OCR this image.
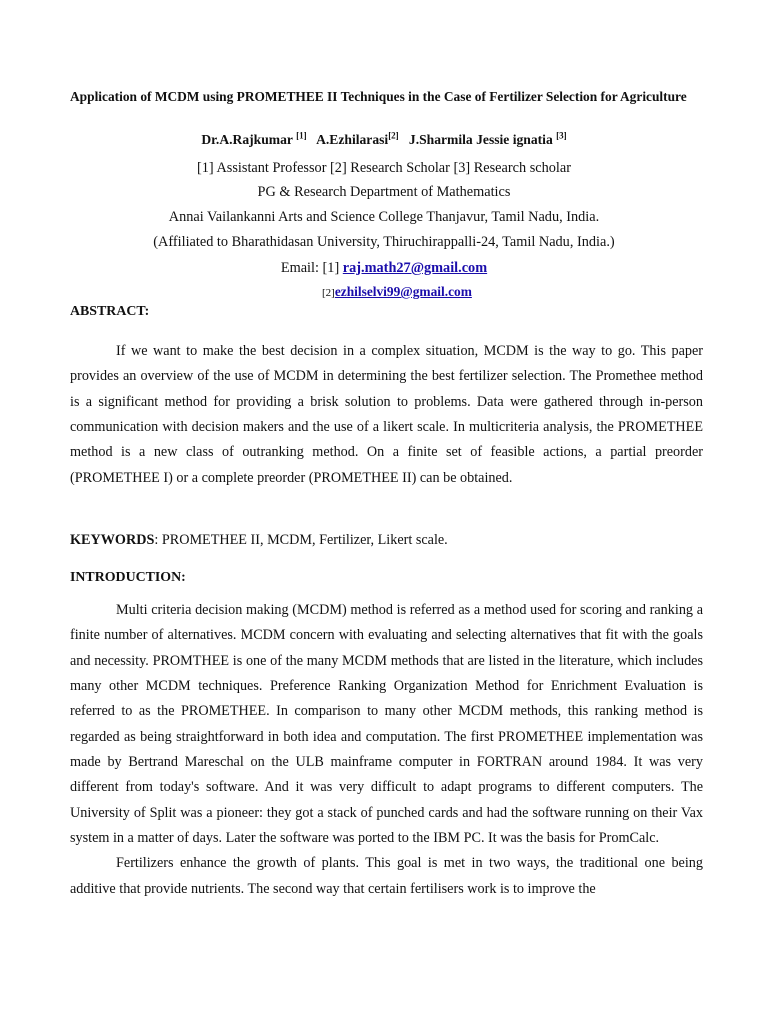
Application of MCDM using PROMETHEE II Techniques in the Case of Fertilizer Selection for Agriculture
Dr.A.Rajkumar [1] A.Ezhilarasi[2] J.Sharmila Jessie ignatia [3]
[1] Assistant Professor [2] Research Scholar [3] Research scholar
PG & Research Department of Mathematics
Annai Vailankanni Arts and Science College Thanjavur, Tamil Nadu, India.
(Affiliated to Bharathidasan University, Thiruchirappalli-24, Tamil Nadu, India.)
Email: [1] raj.math27@gmail.com
[2]ezhilselvi99@gmail.com
ABSTRACT:

If we want to make the best decision in a complex situation, MCDM is the way to go. This paper provides an overview of the use of MCDM in determining the best fertilizer selection. The Promethee method is a significant method for providing a brisk solution to problems. Data were gathered through in-person communication with decision makers and the use of a likert scale. In multicriteria analysis, the PROMETHEE method is a new class of outranking method. On a finite set of feasible actions, a partial preorder (PROMETHEE I) or a complete preorder (PROMETHEE II) can be obtained.

KEYWORDS: PROMETHEE II, MCDM, Fertilizer, Likert scale.
INTRODUCTION:

Multi criteria decision making (MCDM) method is referred as a method used for scoring and ranking a finite number of alternatives. MCDM concern with evaluating and selecting alternatives that fit with the goals and necessity. PROMTHEE is one of the many MCDM methods that are listed in the literature, which includes many other MCDM techniques. Preference Ranking Organization Method for Enrichment Evaluation is referred to as the PROMETHEE. In comparison to many other MCDM methods, this ranking method is regarded as being straightforward in both idea and computation. The first PROMETHEE implementation was made by Bertrand Mareschal on the ULB mainframe computer in FORTRAN around 1984. It was very different from today's software. And it was very difficult to adapt programs to different computers. The University of Split was a pioneer: they got a stack of punched cards and had the software running on their Vax system in a matter of days. Later the software was ported to the IBM PC. It was the basis for PromCalc.

Fertilizers enhance the growth of plants. This goal is met in two ways, the traditional one being additive that provide nutrients. The second way that certain fertilisers work is to improve the
